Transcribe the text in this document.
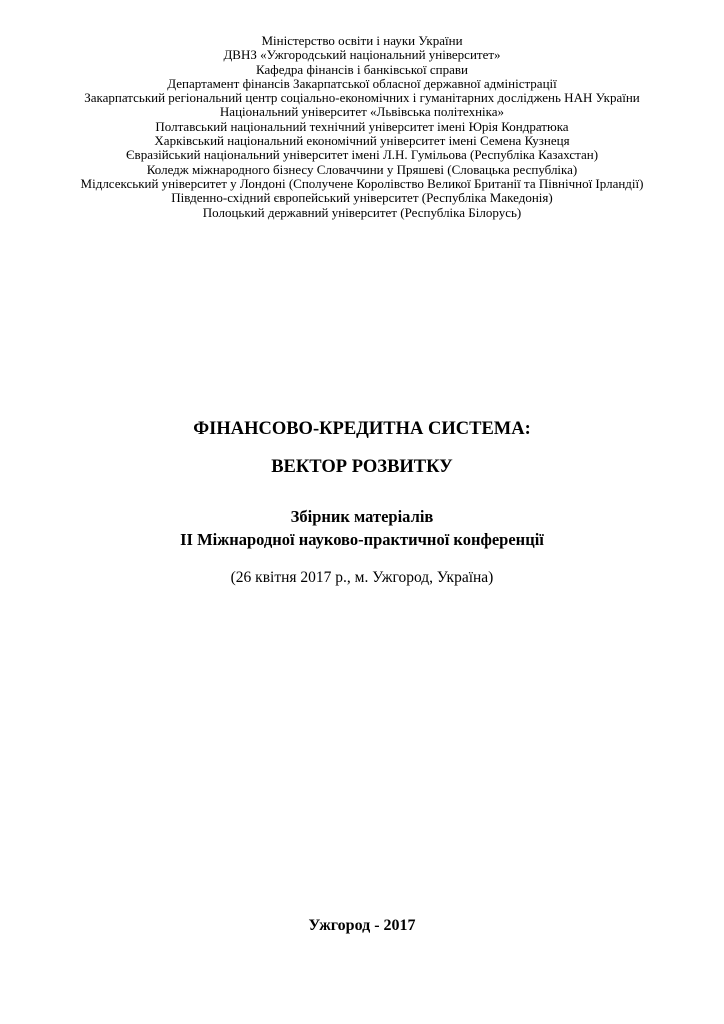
Міністерство освіти і науки України
ДВНЗ «Ужгородський національний університет»
Кафедра фінансів і банківської справи
Департамент фінансів Закарпатської обласної державної адміністрації
Закарпатський регіональний центр соціально-економічних і гуманітарних досліджень НАН України
Національний університет «Львівська політехніка»
Полтавський національний технічний університет імені Юрія Кондратюка
Харківський національний економічний університет імені Семена Кузнеця
Євразійський національний університет імені Л.Н. Гумільова (Республіка Казахстан)
Коледж міжнародного бізнесу Словаччини у Пряшеві (Словацька республіка)
Мідлсекський університет у Лондоні (Сполучене Королівство Великої Британії та Північної Ірландії)
Південно-східний європейський університет (Республіка Македонія)
Полоцький державний університет (Республіка Білорусь)
ФІНАНСОВО-КРЕДИТНА СИСТЕМА:
ВЕКТОР РОЗВИТКУ
Збірник матеріалів
ІІ Міжнародної науково-практичної конференції
(26 квітня 2017 р., м. Ужгород, Україна)
Ужгород - 2017
